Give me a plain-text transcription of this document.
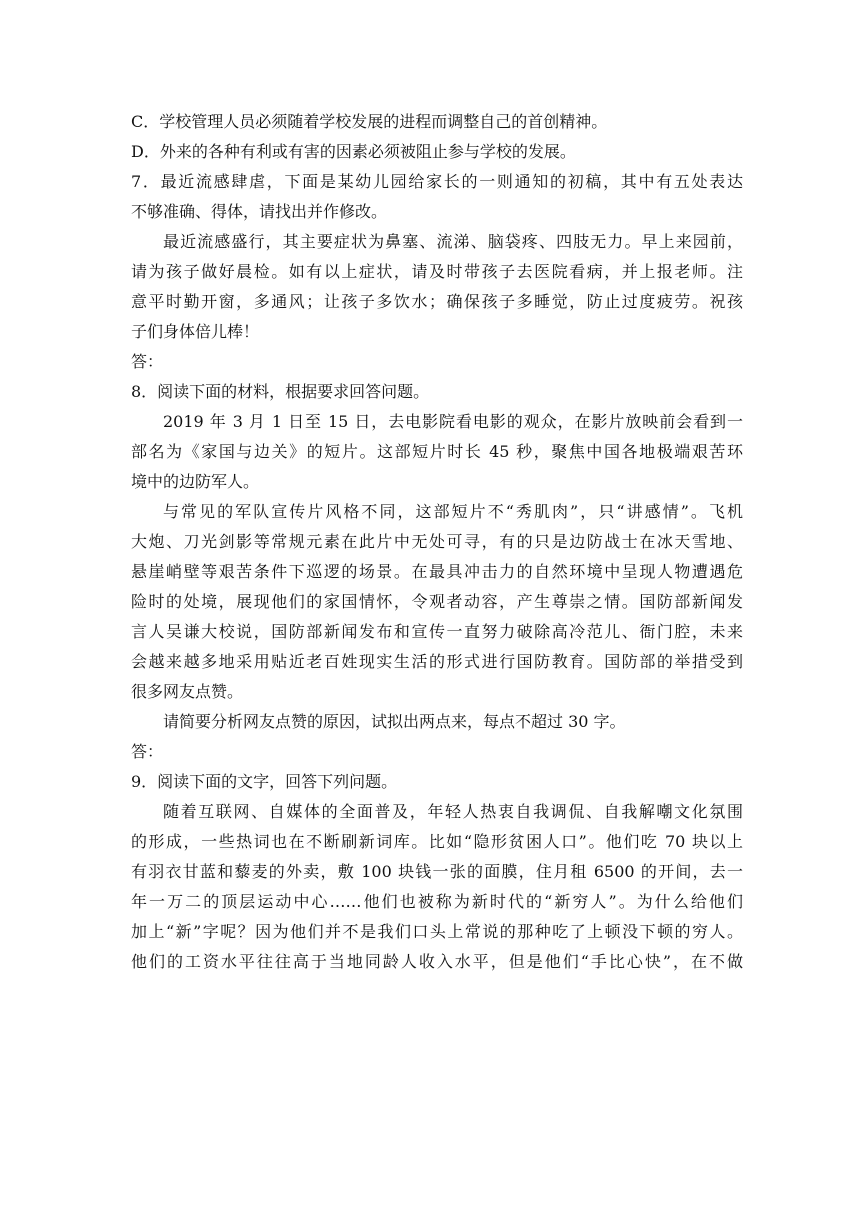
C．学校管理人员必须随着学校发展的进程而调整自己的首创精神。
D．外来的各种有利或有害的因素必须被阻止参与学校的发展。
7．最近流感肆虐，下面是某幼儿园给家长的一则通知的初稿，其中有五处表达
不够准确、得体，请找出并作修改。
最近流感盛行，其主要症状为鼻塞、流涕、脑袋疼、四肢无力。早上来园前，
请为孩子做好晨检。如有以上症状，请及时带孩子去医院看病，并上报老师。注
意平时勤开窗，多通风；让孩子多饮水；确保孩子多睡觉，防止过度疲劳。祝孩
子们身体倍儿棒！
答：
8．阅读下面的材料，根据要求回答问题。
2019 年 3 月 1 日至 15 日，去电影院看电影的观众，在影片放映前会看到一
部名为《家国与边关》的短片。这部短片时长 45 秒，聚焦中国各地极端艰苦环
境中的边防军人。
与常见的军队宣传片风格不同，这部短片不“秀肌肉”，只“讲感情”。飞机
大炮、刀光剑影等常规元素在此片中无处可寻，有的只是边防战士在冰天雪地、
悬崖峭壁等艰苦条件下巡逻的场景。在最具冲击力的自然环境中呈现人物遭遇危
险时的处境，展现他们的家国情怀，令观者动容，产生尊崇之情。国防部新闻发
言人吴谦大校说，国防部新闻发布和宣传一直努力破除高冷范儿、衙门腔，未来
会越来越多地采用贴近老百姓现实生活的形式进行国防教育。国防部的举措受到
很多网友点赞。
请简要分析网友点赞的原因，试拟出两点来，每点不超过 30 字。
答：
9．阅读下面的文字，回答下列问题。
随着互联网、自媒体的全面普及，年轻人热衷自我调侃、自我解嘲文化氛围
的形成，一些热词也在不断刷新词库。比如“隐形贫困人口”。他们吃 70 块以上
有羽衣甘蓝和藜麦的外卖，敷 100 块钱一张的面膜，住月租 6500 的开间，去一
年一万二的顶层运动中心……他们也被称为新时代的“新穷人”。为什么给他们
加上“新”字呢？因为他们并不是我们口头上常说的那种吃了上顿没下顿的穷人。
他们的工资水平往往高于当地同龄人收入水平，但是他们“手比心快”，在不做
